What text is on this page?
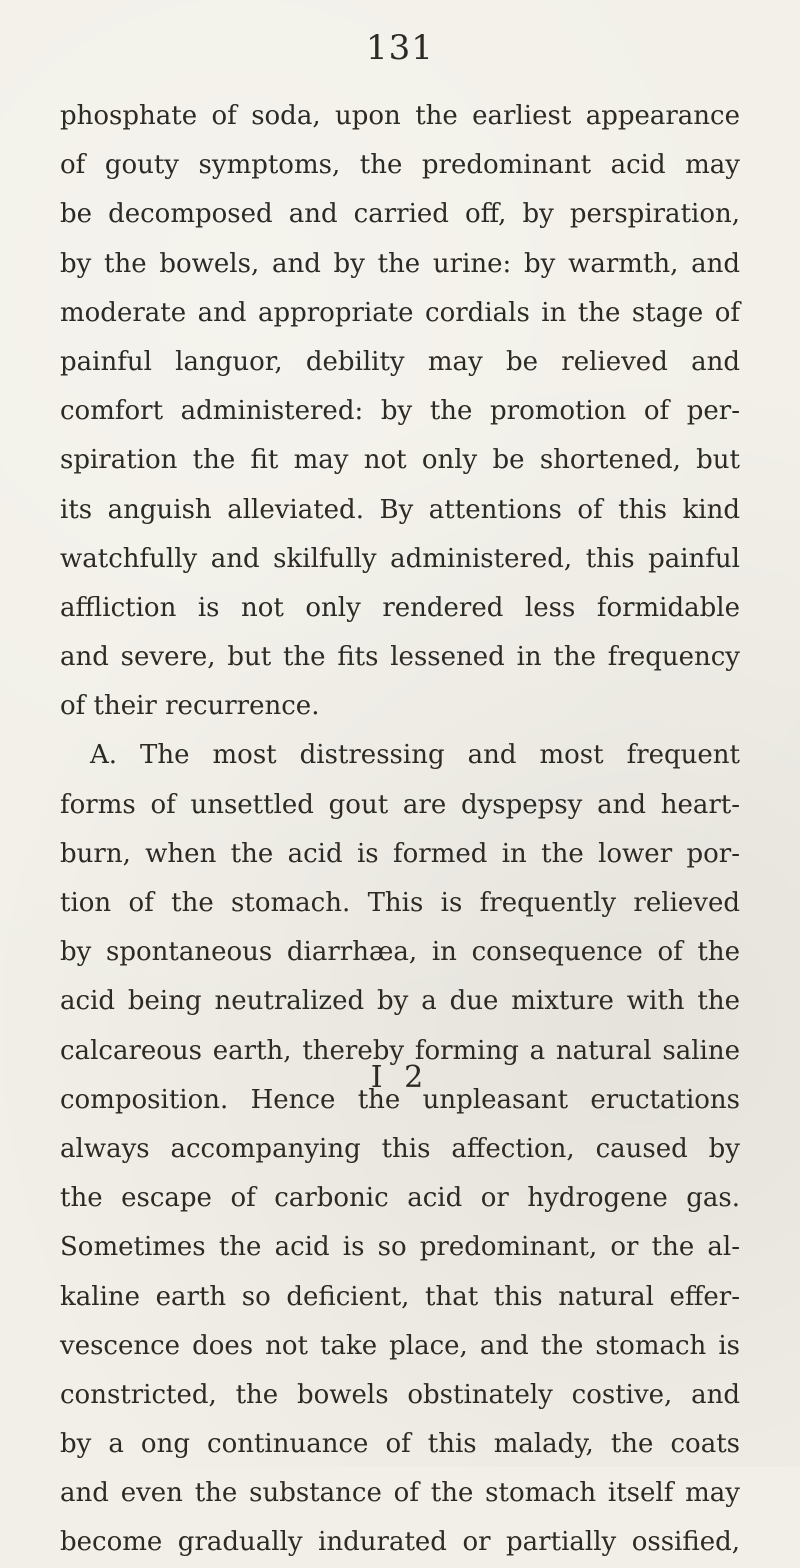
131
phosphate of soda, upon the earliest appearance
of gouty symptoms, the predominant acid may
be decomposed and carried off, by perspiration,
by the bowels, and by the urine: by warmth, and
moderate and appropriate cordials in the stage of
painful languor, debility may be relieved and
comfort administered: by the promotion of per-
spiration the fit may not only be shortened, but
its anguish alleviated. By attentions of this kind
watchfully and skilfully administered, this painful
affliction is not only rendered less formidable
and severe, but the fits lessened in the frequency
of their recurrence.
A. The most distressing and most frequent
forms of unsettled gout are dyspepsy and heart-
burn, when the acid is formed in the lower por-
tion of the stomach. This is frequently relieved
by spontaneous diarrhæa, in consequence of the
acid being neutralized by a due mixture with the
calcareous earth, thereby forming a natural saline
composition. Hence the unpleasant eructations
always accompanying this affection, caused by
the escape of carbonic acid or hydrogene gas.
Sometimes the acid is so predominant, or the al-
kaline earth so deficient, that this natural effer-
vescence does not take place, and the stomach is
constricted, the bowels obstinately costive, and
by a ong continuance of this malady, the coats
and even the substance of the stomach itself may
become gradually indurated or partially ossified,
I 2
